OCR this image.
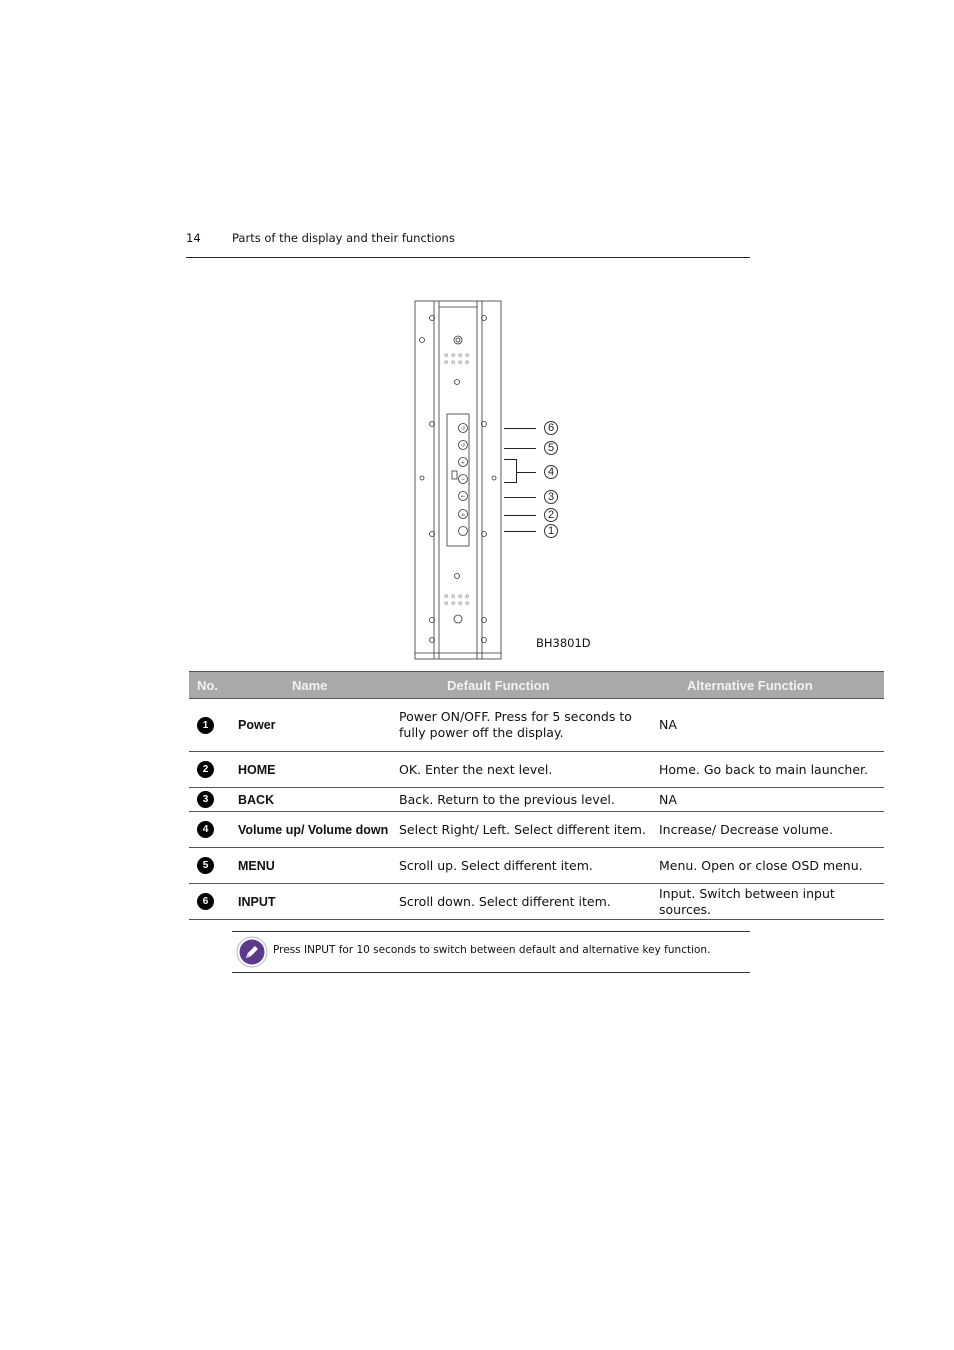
14	Parts of the display and their functions
↺
↺
+
−
←
⌂
6
5
4
3
2
1
BH3801D
No.	Name	Default Function	Alternative Function

1	Power	Power ON/OFF. Press for 5 seconds to fully power off the display.	NA

2	HOME	OK. Enter the next level.	Home. Go back to main launcher.

3	BACK	Back. Return to the previous level.	NA

4	Volume up/ Volume down	Select Right/ Left. Select different item.	Increase/ Decrease volume.

5	MENU	Scroll up. Select different item.	Menu. Open or close OSD menu.

6	INPUT	Scroll down. Select different item.	Input. Switch between input sources.
Press INPUT for 10 seconds to switch between default and alternative key function.
